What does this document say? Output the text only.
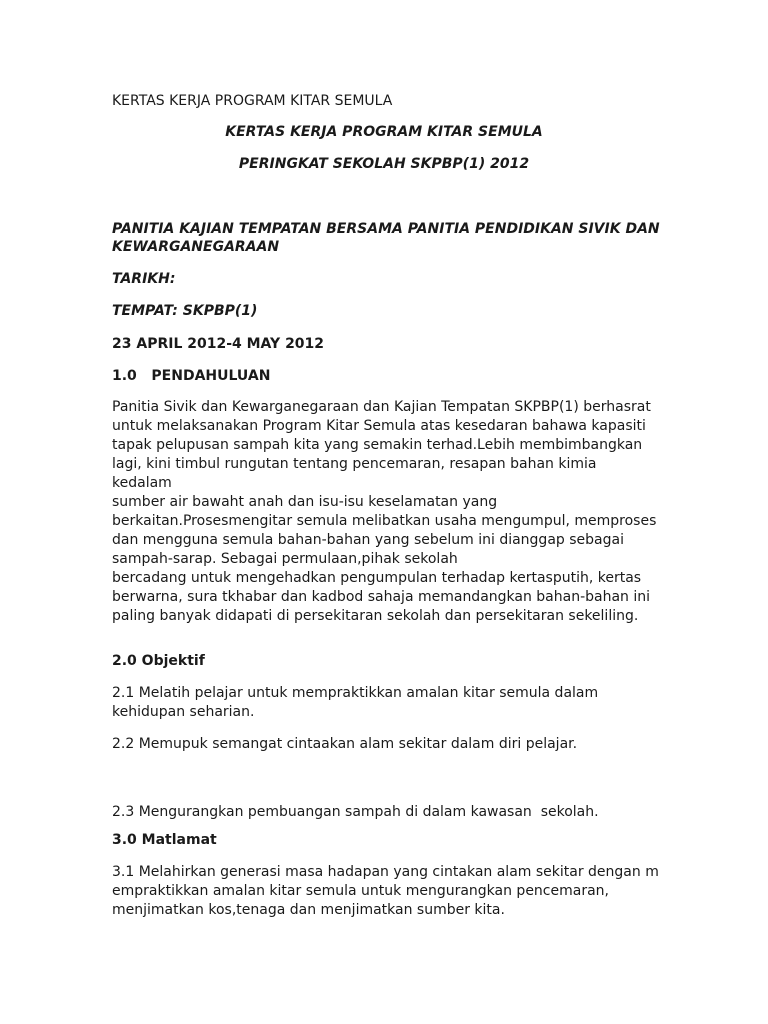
KERTAS KERJA PROGRAM KITAR SEMULA
KERTAS KERJA PROGRAM KITAR SEMULA
PERINGKAT SEKOLAH SKPBP(1) 2012
PANITIA KAJIAN TEMPATAN BERSAMA PANITIA PENDIDIKAN SIVIK DAN
KEWARGANEGARAAN
TARIKH:
TEMPAT: SKPBP(1)
23 APRIL 2012-4 MAY 2012
1.0   PENDAHULUAN

Panitia Sivik dan Kewarganegaraan dan Kajian Tempatan SKPBP(1) berhasrat
untuk melaksanakan Program Kitar Semula atas kesedaran bahawa kapasiti
tapak pelupusan sampah kita yang semakin terhad.Lebih membimbangkan
lagi, kini timbul rungutan tentang pencemaran, resapan bahan kimia kedalam
sumber air bawaht anah dan isu-isu keselamatan yang
berkaitan.Prosesmengitar semula melibatkan usaha mengumpul, memproses
dan mengguna semula bahan-bahan yang sebelum ini dianggap sebagai
sampah-sarap. Sebagai permulaan,pihak sekolah
bercadang untuk mengehadkan pengumpulan terhadap kertasputih, kertas
berwarna, sura tkhabar dan kadbod sahaja memandangkan bahan-bahan ini
paling banyak didapati di persekitaran sekolah dan persekitaran sekeliling.

2.0 Objektif

2.1 Melatih pelajar untuk mempraktikkan amalan kitar semula dalam
kehidupan seharian.

2.2 Memupuk semangat cintaakan alam sekitar dalam diri pelajar.

2.3 Mengurangkan pembuangan sampah di dalam kawasan  sekolah.

3.0 Matlamat

3.1 Melahirkan generasi masa hadapan yang cintakan alam sekitar dengan m
empraktikkan amalan kitar semula untuk mengurangkan pencemaran,
menjimatkan kos,tenaga dan menjimatkan sumber kita.
